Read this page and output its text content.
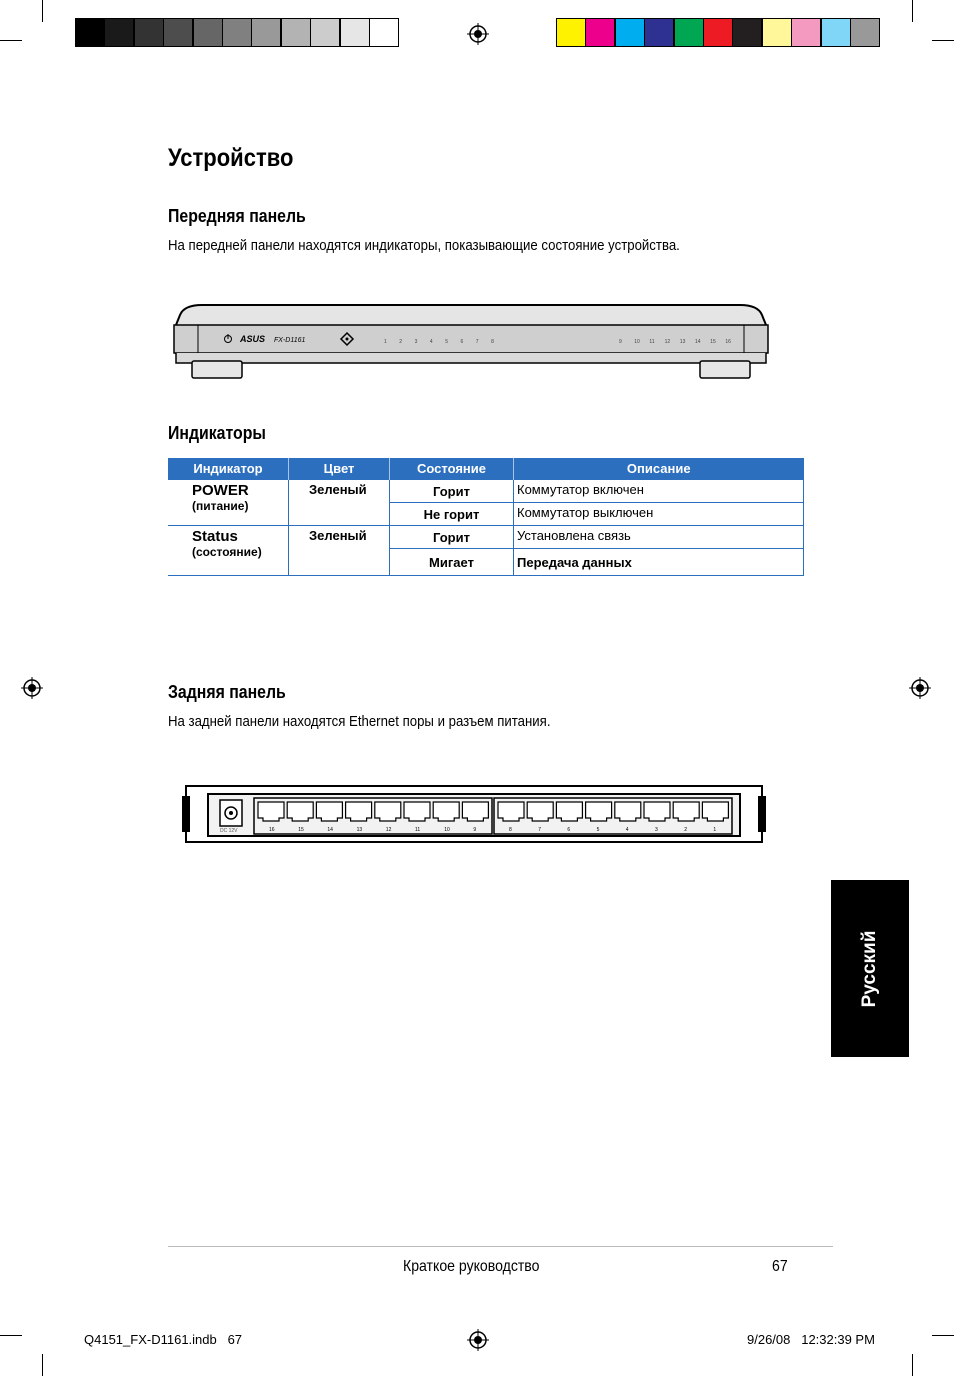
Устройство
Передняя панель
На передней панели находятся индикаторы, показывающие состояние устройства.
ASUS FX-D1161	1	2	3	4	5	6	7	8	9 10 11 12 13 14 15 16
Индикаторы
Индикатор	Цвет	Состояние	Описание

POWER
(питание)	Зеленый	Горит	Коммутатор включен
		Не горит	Коммутатор выключен

Status
(состояние)	Зеленый	Горит	Установлена связь
		Мигает	Передача данных
Задняя панель
На задней панели находятся Ethernet поры и разъем питания.
DC 12V	16	15	14	13	12	11	10	9	8	7	6	5	4	3	2	1
Русский
Краткое руководство	67
Q4151_FX-D1161.indb   67	9/26/08   12:32:39 PM
